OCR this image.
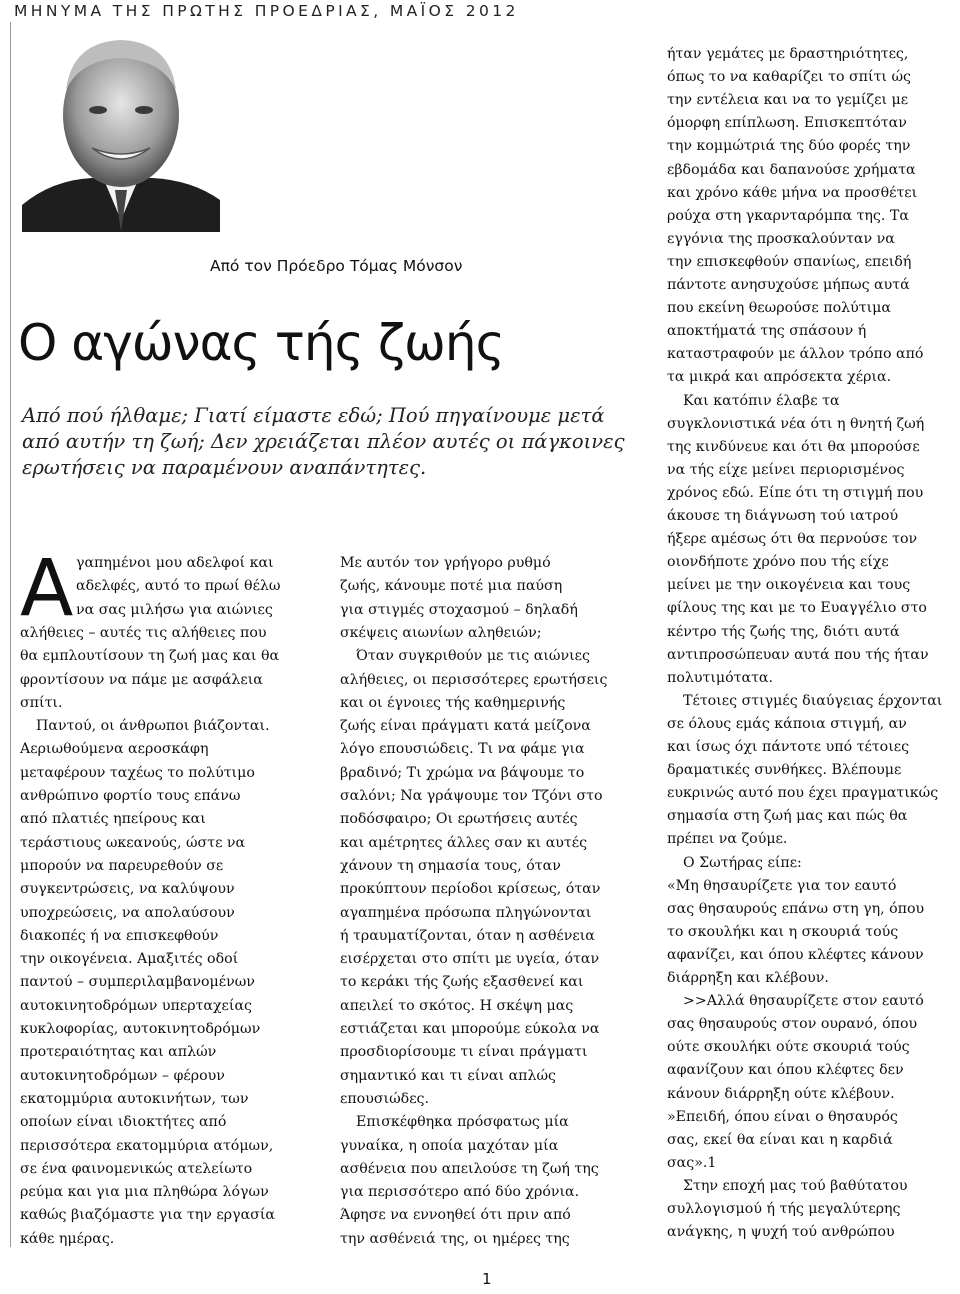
ΜΗΝΥΜΑ ΤΗΣ ΠΡΩΤΗΣ ΠΡΟΕΔΡΙΑΣ, ΜΑΪΟΣ 2012
Από τον Πρόεδρο Τόμας Μόνσον
Ο αγώνας τής ζωής
Από πού ήλθαμε; Γιατί είμαστε εδώ; Πού πηγαίνουμε μετά
από αυτήν τη ζωή; Δεν χρειάζεται πλέον αυτές οι πάγκοινες
ερωτήσεις να παραμένουν αναπάντητες.
Α γαπημένοι μου αδελφοί και
αδελφές, αυτό το πρωί θέλω
να σας μιλήσω για αιώνιες
αλήθειες – αυτές τις αλήθειες που
θα εμπλουτίσουν τη ζωή μας και θα
φροντίσουν να πάμε με ασφάλεια
σπίτι.
Παντού, οι άνθρωποι βιάζονται.
Αεριωθούμενα αεροσκάφη
μεταφέρουν ταχέως το πολύτιμο
ανθρώπινο φορτίο τους επάνω
από πλατιές ηπείρους και
τεράστιους ωκεανούς, ώστε να
μπορούν να παρευρεθούν σε
συγκεντρώσεις, να καλύψουν
υποχρεώσεις, να απολαύσουν
διακοπές ή να επισκεφθούν
την οικογένεια. Αμαξιτές οδοί
παντού – συμπεριλαμβανομένων
αυτοκινητοδρόμων υπερταχείας
κυκλοφορίας, αυτοκινητοδρόμων
προτεραιότητας και απλών
αυτοκινητοδρόμων – φέρουν
εκατομμύρια αυτοκινήτων, των
οποίων είναι ιδιοκτήτες από
περισσότερα εκατομμύρια ατόμων,
σε ένα φαινομενικώς ατελείωτο
ρεύμα και για μια πληθώρα λόγων
καθώς βιαζόμαστε για την εργασία
κάθε ημέρας.
Με αυτόν τον γρήγορο ρυθμό
ζωής, κάνουμε ποτέ μια παύση
για στιγμές στοχασμού – δηλαδή
σκέψεις αιωνίων αληθειών;
Όταν συγκριθούν με τις αιώνιες
αλήθειες, οι περισσότερες ερωτήσεις
και οι έγνοιες τής καθημερινής
ζωής είναι πράγματι κατά μείζονα
λόγο επουσιώδεις. Τι να φάμε για
βραδινό; Τι χρώμα να βάψουμε το
σαλόνι; Να γράψουμε τον Τζόνι στο
ποδόσφαιρο; Οι ερωτήσεις αυτές
και αμέτρητες άλλες σαν κι αυτές
χάνουν τη σημασία τους, όταν
προκύπτουν περίοδοι κρίσεως, όταν
αγαπημένα πρόσωπα πληγώνονται
ή τραυματίζονται, όταν η ασθένεια
εισέρχεται στο σπίτι με υγεία, όταν
το κεράκι τής ζωής εξασθενεί και
απειλεί το σκότος. Η σκέψη μας
εστιάζεται και μπορούμε εύκολα να
προσδιορίσουμε τι είναι πράγματι
σημαντικό και τι είναι απλώς
επουσιώδες.
Επισκέφθηκα πρόσφατως μία
γυναίκα, η οποία μαχόταν μία
ασθένεια που απειλούσε τη ζωή της
για περισσότερο από δύο χρόνια.
Άφησε να εννοηθεί ότι πριν από
την ασθένειά της, οι ημέρες της
ήταν γεμάτες με δραστηριότητες,
όπως το να καθαρίζει το σπίτι ώς
την εντέλεια και να το γεμίζει με
όμορφη επίπλωση. Επισκεπτόταν
την κομμώτριά της δύο φορές την
εβδομάδα και δαπανούσε χρήματα
και χρόνο κάθε μήνα να προσθέτει
ρούχα στη γκαρνταρόμπα της. Τα
εγγόνια της προσκαλούνταν να
την επισκεφθούν σπανίως, επειδή
πάντοτε ανησυχούσε μήπως αυτά
που εκείνη θεωρούσε πολύτιμα
αποκτήματά της σπάσουν ή
καταστραφούν με άλλον τρόπο από
τα μικρά και απρόσεκτα χέρια.
Και κατόπιν έλαβε τα
συγκλονιστικά νέα ότι η θνητή ζωή
της κινδύνευε και ότι θα μπορούσε
να τής είχε μείνει περιορισμένος
χρόνος εδώ. Είπε ότι τη στιγμή που
άκουσε τη διάγνωση τού ιατρού
ήξερε αμέσως ότι θα περνούσε τον
οιονδήποτε χρόνο που τής είχε
μείνει με την οικογένεια και τους
φίλους της και με το Ευαγγέλιο στο
κέντρο τής ζωής της, διότι αυτά
αντιπροσώπευαν αυτά που τής ήταν
πολυτιμότατα.
Τέτοιες στιγμές διαύγειας έρχονται
σε όλους εμάς κάποια στιγμή, αν
και ίσως όχι πάντοτε υπό τέτοιες
δραματικές συνθήκες. Βλέπουμε
ευκρινώς αυτό που έχει πραγματικώς
σημασία στη ζωή μας και πώς θα
πρέπει να ζούμε.
Ο Σωτήρας είπε:
«Μη θησαυρίζετε για τον εαυτό
σας θησαυρούς επάνω στη γη, όπου
το σκουλήκι και η σκουριά τούς
αφανίζει, και όπου κλέφτες κάνουν
διάρρηξη και κλέβουν.
>>Αλλά θησαυρίζετε στον εαυτό
σας θησαυρούς στον ουρανό, όπου
ούτε σκουλήκι ούτε σκουριά τούς
αφανίζουν και όπου κλέφτες δεν
κάνουν διάρρηξη ούτε κλέβουν.
»Επειδή, όπου είναι ο θησαυρός
σας, εκεί θα είναι και η καρδιά
σας».1
Στην εποχή μας τού βαθύτατου
συλλογισμού ή τής μεγαλύτερης
ανάγκης, η ψυχή τού ανθρώπου
1
